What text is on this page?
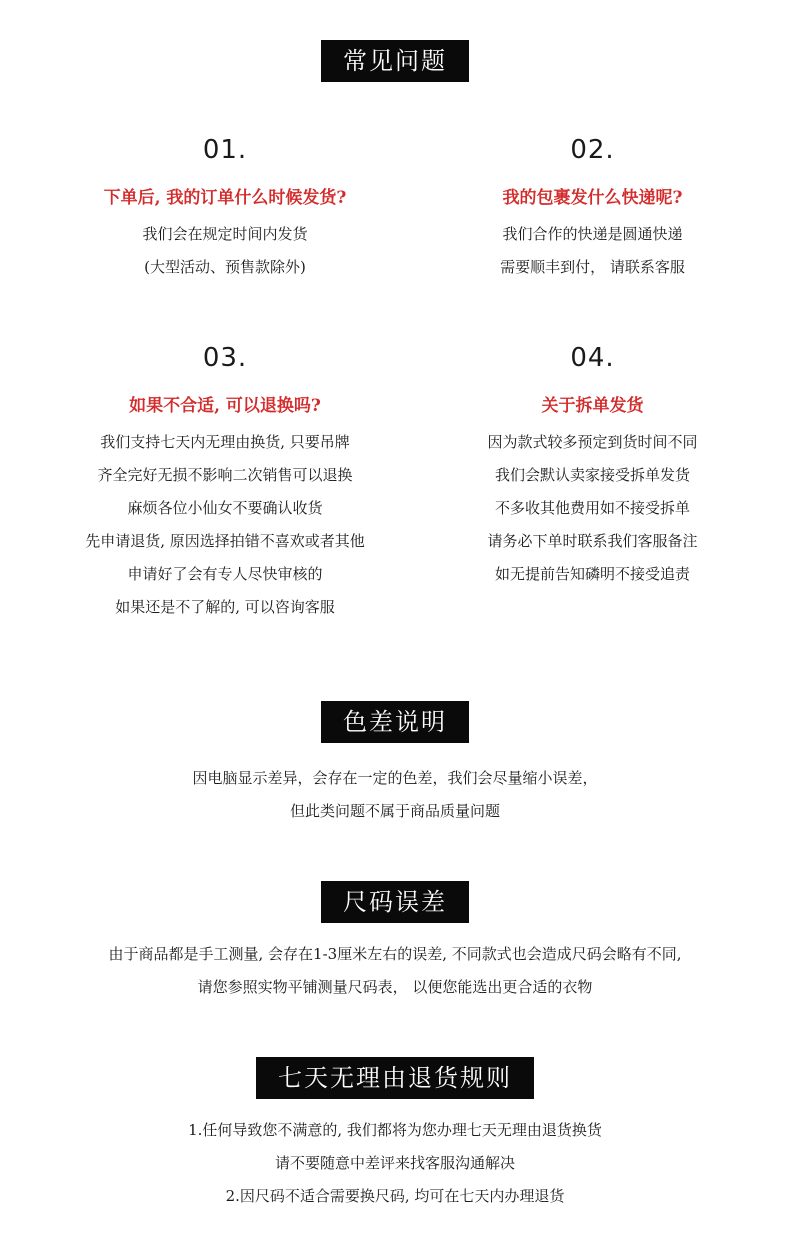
常见问题
01.
下单后, 我的订单什么时候发货?
我们会在规定时间内发货
(大型活动、预售款除外)
02.
我的包裹发什么快递呢?
我们合作的快递是圆通快递
需要顺丰到付， 请联系客服
03.
如果不合适, 可以退换吗?
我们支持七天内无理由换货, 只要吊牌
齐全完好无损不影响二次销售可以退换
麻烦各位小仙女不要确认收货
先申请退货, 原因选择拍错不喜欢或者其他
申请好了会有专人尽快审核的
如果还是不了解的, 可以咨询客服
04.
关于拆单发货
因为款式较多预定到货时间不同
我们会默认卖家接受拆单发货
不多收其他费用如不接受拆单
请务必下单时联系我们客服备注
如无提前告知磷明不接受追责
色差说明
因电脑显示差异，会存在一定的色差，我们会尽量缩小误差，
但此类问题不属于商品质量问题
尺码误差
由于商品都是手工测量, 会存在1-3厘米左右的误差, 不同款式也会造成尺码会略有不同,
请您参照实物平铺测量尺码表， 以便您能选出更合适的衣物
七天无理由退货规则
1.任何导致您不满意的, 我们都将为您办理七天无理由退货换货
请不要随意中差评来找客服沟通解决
2.因尺码不适合需要换尺码, 均可在七天内办理退货
